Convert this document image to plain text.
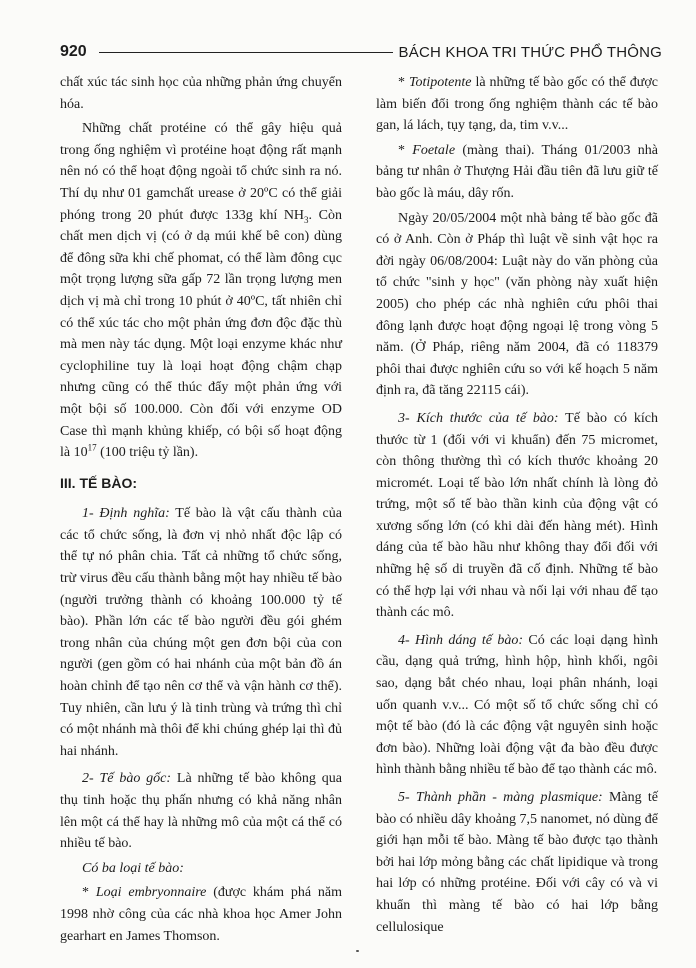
920	BÁCH KHOA TRI THỨC PHỔ THÔNG

chất xúc tác sinh học của những phản ứng chuyển hóa.

Những chất protéine có thể gây hiệu quả trong ống nghiệm vì protéine hoạt động rất mạnh nên nó có thể hoạt động ngoài tổ chức sinh ra nó. Thí dụ như 01 gamchất urease ở 20ºC có thể giải phóng trong 20 phút được 133g khí $NH_3$. Còn chất men dịch vị (có ở dạ múi khế bê con) dùng để đông sữa khi chế phomat, có thể làm đông cục một trọng lượng sữa gấp 72 lần trọng lượng men dịch vị mà chỉ trong 10 phút ở 40ºC, tất nhiên chỉ có thể xúc tác cho một phản ứng đơn độc đặc thù mà men này tác dụng. Một loại enzyme khác như cyclophiline tuy là loại hoạt động chậm chạp nhưng cũng có thể thúc đẩy một phản ứng với một bội số 100.000. Còn đối với enzyme OD Case thì mạnh khủng khiếp, có bội số hoạt động là $10^{17}$ (100 triệu tỷ lần).

III. TẾ BÀO:

1- Định nghĩa: Tế bào là vật cấu thành của các tổ chức sống, là đơn vị nhỏ nhất độc lập có thể tự nó phân chia. Tất cả những tổ chức sống, trừ virus đều cấu thành bằng một hay nhiều tế bào (người trưởng thành có khoảng 100.000 tỷ tế bào). Phần lớn các tế bào người đều gói ghém trong nhân của chúng một gen đơn bội của con người (gen gồm có hai nhánh của một bản đồ án hoàn chỉnh để tạo nên cơ thể và vận hành cơ thể). Tuy nhiên, cần lưu ý là tinh trùng và trứng thì chỉ có một nhánh mà thôi để khi chúng ghép lại thì đủ hai nhánh.

2- Tế bào gốc: Là những tế bào không qua thụ tinh hoặc thụ phấn nhưng có khả năng nhân lên một cá thể hay là những mô của một cá thể có nhiều tế bào.

Có ba loại tế bào:

* Loại embryonnaire (được khám phá năm 1998 nhờ công của các nhà khoa học Amer John gearhart en James Thomson.

* Totipotente là những tế bào gốc có thể được làm biến đổi trong ống nghiệm thành các tế bào gan, lá lách, tụy tạng, da, tim v.v...

* Foetale (màng thai). Tháng 01/2003 nhà bảng tư nhân ở Thượng Hải đầu tiên đã lưu giữ tế bào gốc là máu, dây rốn.

Ngày 20/05/2004 một nhà bảng tế bào gốc đã có ở Anh. Còn ở Pháp thì luật về sinh vật học ra đời ngày 06/08/2004: Luật này do văn phòng của tổ chức "sinh y học" (văn phòng này xuất hiện 2005) cho phép các nhà nghiên cứu phôi thai đông lạnh được hoạt động ngoại lệ trong vòng 5 năm. (Ở Pháp, riêng năm 2004, đã có 118379 phôi thai được nghiên cứu so với kế hoạch 5 năm định ra, đã tăng 22115 cái).

3- Kích thước của tế bào: Tế bào có kích thước từ 1 (đối với vi khuẩn) đến 75 micromet, còn thông thường thì có kích thước khoảng 20 micromét. Loại tế bào lớn nhất chính là lòng đỏ trứng, một số tế bào thần kinh của động vật có xương sống lớn (có khi dài đến hàng mét). Hình dáng của tế bào hầu như không thay đổi đối với những hệ số di truyền đã cố định. Những tế bào có thể hợp lại với nhau và nối lại với nhau để tạo thành các mô.

4- Hình dáng tế bào: Có các loại dạng hình cầu, dạng quả trứng, hình hộp, hình khối, ngôi sao, dạng bắt chéo nhau, loại phân nhánh, loại uốn quanh v.v... Có một số tổ chức sống chỉ có một tế bào (đó là các động vật nguyên sinh hoặc đơn bào). Những loài động vật đa bào đều được hình thành bằng nhiều tế bào để tạo thành các mô.

5- Thành phần - màng plasmique: Màng tế bào có nhiều dây khoảng 7,5 nanomet, nó dùng để giới hạn mỗi tế bào. Màng tế bào được tạo thành bởi hai lớp mỏng bằng các chất lipidique và trong hai lớp có những protéine. Đối với cây có và vi khuẩn thì màng tế bào có hai lớp bằng cellulosique
